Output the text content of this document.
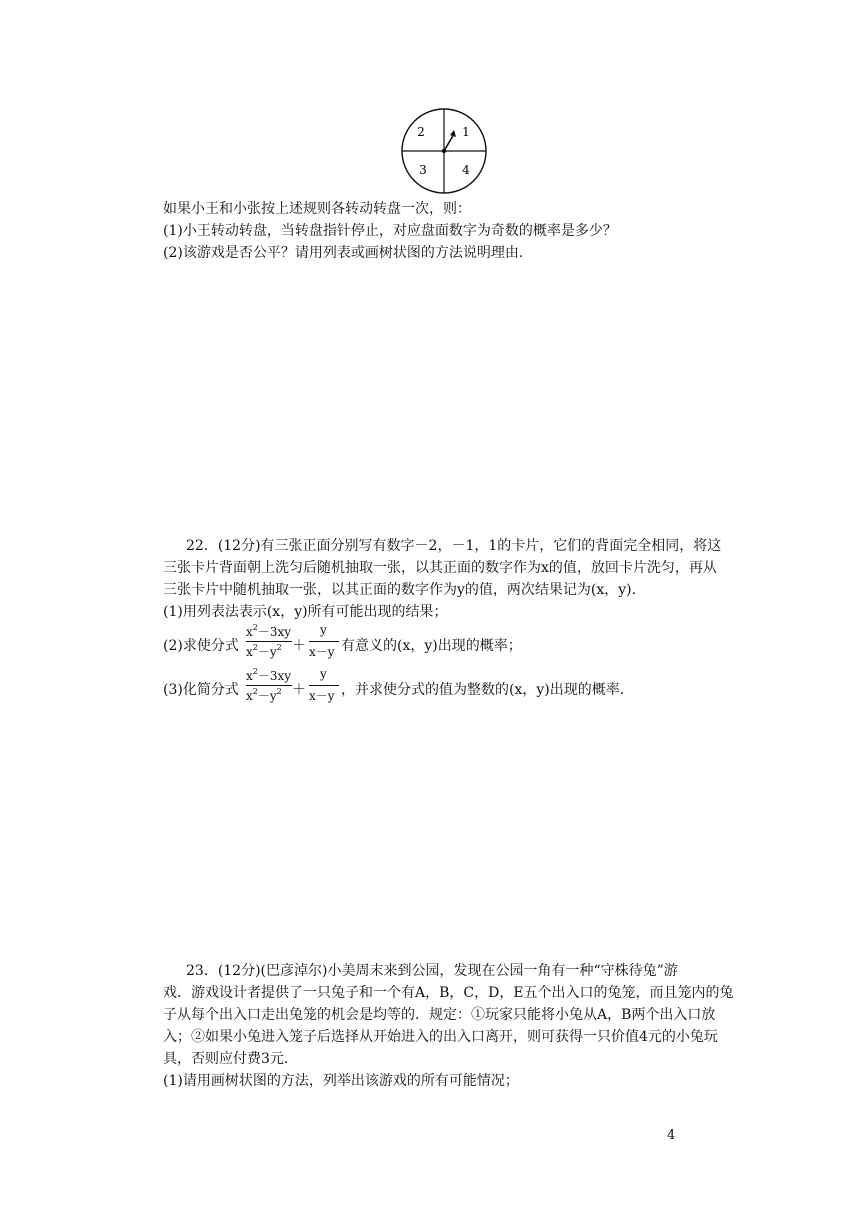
2	1
3	4
如果小王和小张按上述规则各转动转盘一次，则：
(1)小王转动转盘，当转盘指针停止，对应盘面数字为奇数的概率是多少？
(2)该游戏是否公平？请用列表或画树状图的方法说明理由.
22．(12分)有三张正面分别写有数字－2，－1，1的卡片，它们的背面完全相同，将这
三张卡片背面朝上洗匀后随机抽取一张，以其正面的数字作为x的值，放回卡片洗匀，再从
三张卡片中随机抽取一张，以其正面的数字作为y的值，两次结果记为(x，y).
(1)用列表法表示(x，y)所有可能出现的结果；
(2)求使分式
$x^2-3xy$
$x^2-y^2$ ＋
y
x－y 有意义的(x，y)出现的概率；
(3)化简分式
$x^2-3xy$
$x^2-y^2$ ＋
y
x－y ，并求使分式的值为整数的(x，y)出现的概率.
23．(12分)(巴彦淖尔)小美周末来到公园，发现在公园一角有一种“守株待兔”游
戏．游戏设计者提供了一只兔子和一个有A，B，C，D，E五个出入口的兔笼，而且笼内的兔
子从每个出入口走出兔笼的机会是均等的．规定：①玩家只能将小兔从A，B两个出入口放
入；②如果小兔进入笼子后选择从开始进入的出入口离开，则可获得一只价值4元的小兔玩
具，否则应付费3元.
(1)请用画树状图的方法，列举出该游戏的所有可能情况；
4
